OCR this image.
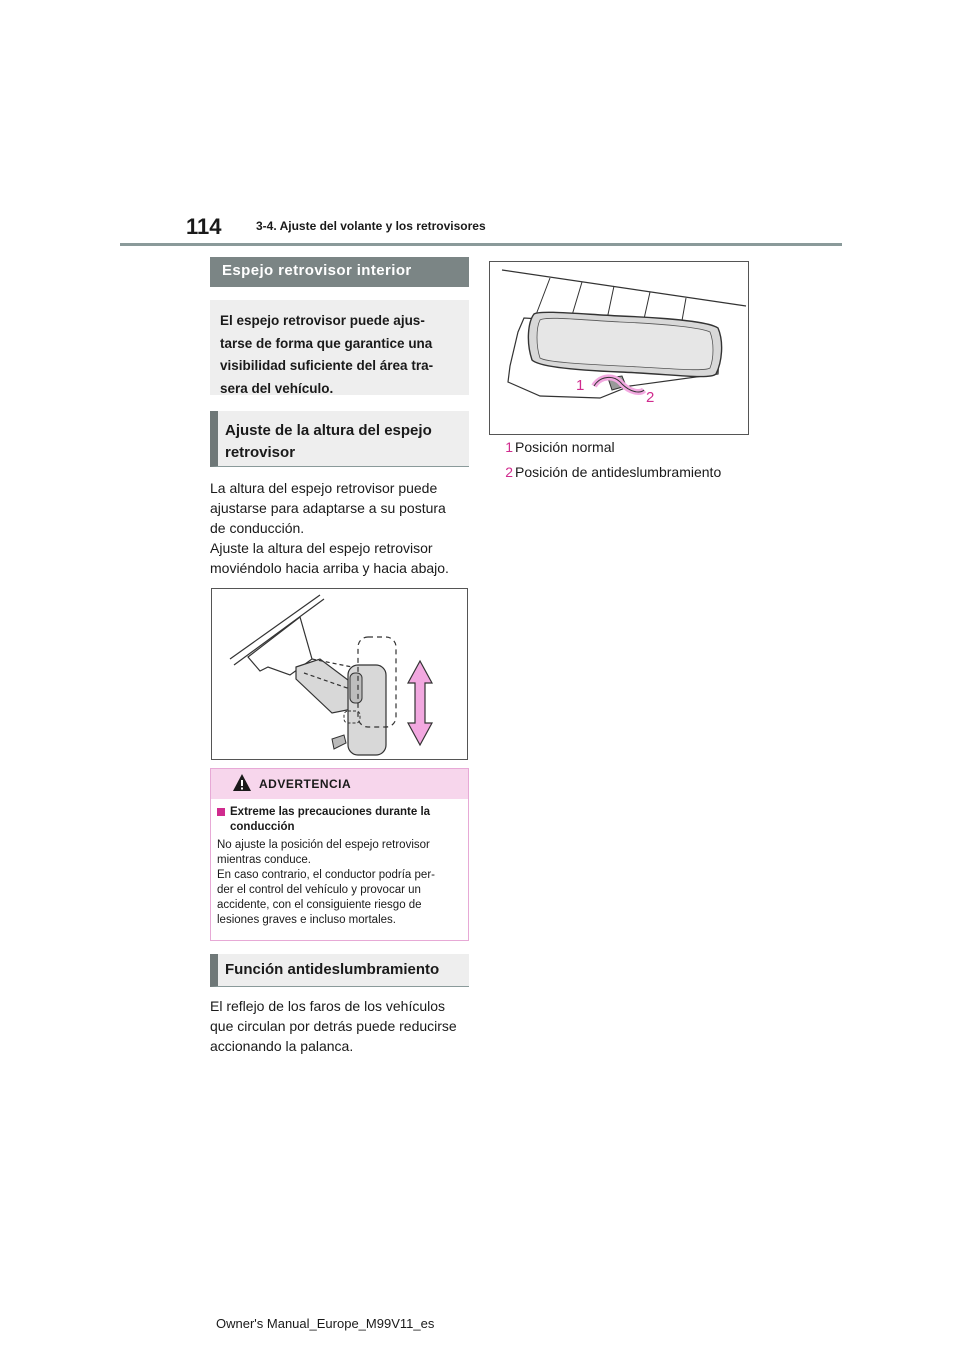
114	3-4. Ajuste del volante y los retrovisores
Espejo retrovisor interior
El espejo retrovisor puede ajus-
tarse de forma que garantice una
visibilidad suficiente del área tra-
sera del vehículo.
Ajuste de la altura del espejo
retrovisor
La altura del espejo retrovisor puede
ajustarse para adaptarse a su postura
de conducción.
Ajuste la altura del espejo retrovisor
moviéndolo hacia arriba y hacia abajo.
ADVERTENCIA
Extreme las precauciones durante la
conducción
No ajuste la posición del espejo retrovisor
mientras conduce.
En caso contrario, el conductor podría per-
der el control del vehículo y provocar un
accidente, con el consiguiente riesgo de
lesiones graves e incluso mortales.
Función antideslumbramiento
El reflejo de los faros de los vehículos
que circulan por detrás puede reducirse
accionando la palanca.
1
2
1 Posición normal
2 Posición de antideslumbramiento
Owner's Manual_Europe_M99V11_es
